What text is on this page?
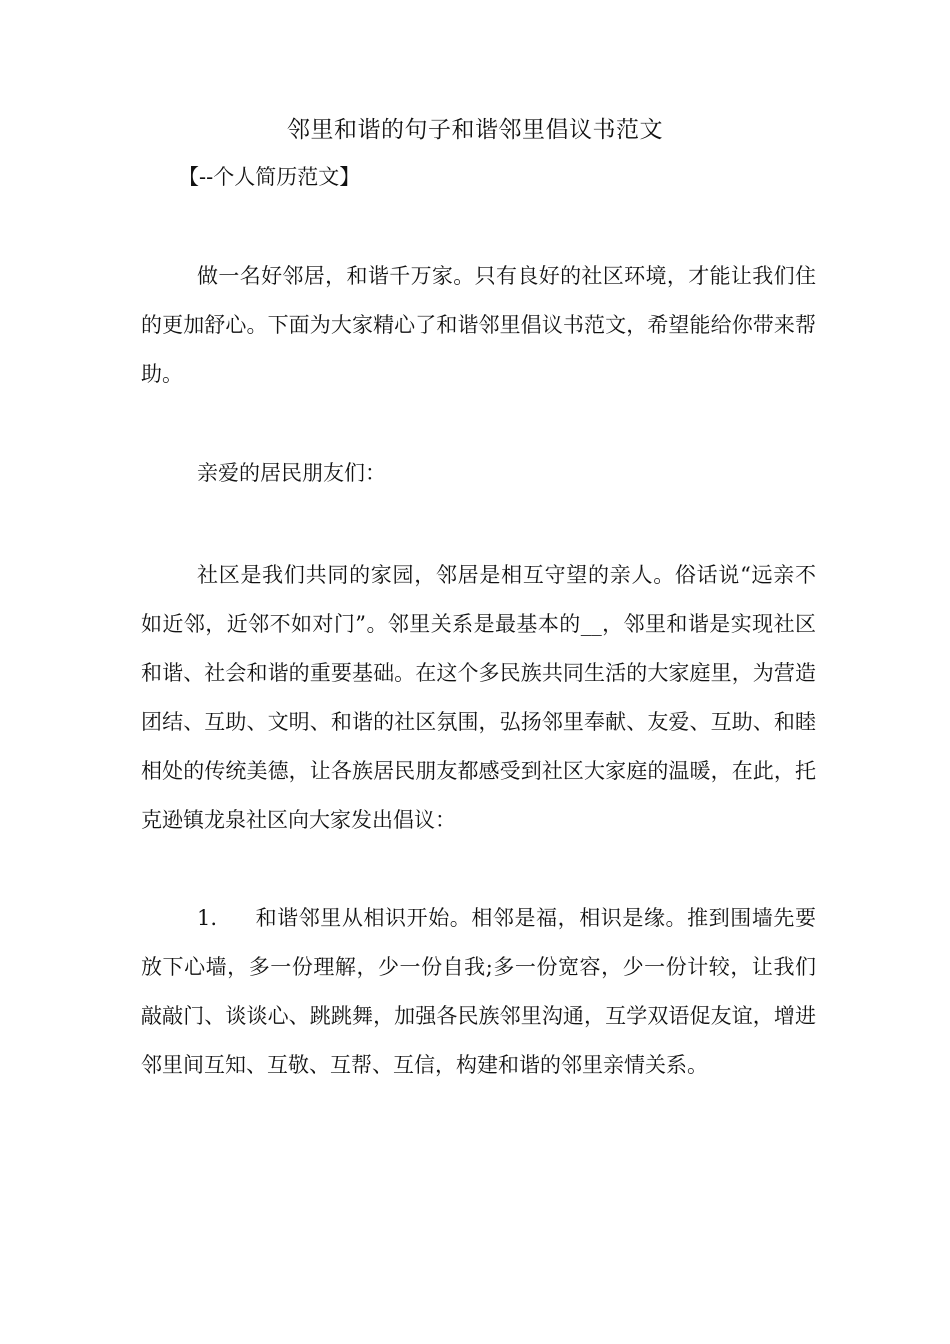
邻里和谐的句子和谐邻里倡议书范文
【--个人简历范文】

做一名好邻居，和谐千万家。只有良好的社区环境，才能让我们住的更加舒心。下面为大家精心了和谐邻里倡议书范文，希望能给你带来帮助。

亲爱的居民朋友们：

社区是我们共同的家园，邻居是相互守望的亲人。俗话说“远亲不如近邻，近邻不如对门”。邻里关系是最基本的__，邻里和谐是实现社区和谐、社会和谐的重要基础。在这个多民族共同生活的大家庭里，为营造团结、互助、文明、和谐的社区氛围，弘扬邻里奉献、友爱、互助、和睦相处的传统美德，让各族居民朋友都感受到社区大家庭的温暖，在此，托克逊镇龙泉社区向大家发出倡议：

1. 和谐邻里从相识开始。相邻是福，相识是缘。推到围墙先要放下心墙，多一份理解，少一份自我;多一份宽容，少一份计较，让我们敲敲门、谈谈心、跳跳舞，加强各民族邻里沟通，互学双语促友谊，增进邻里间互知、互敬、互帮、互信，构建和谐的邻里亲情关系。
